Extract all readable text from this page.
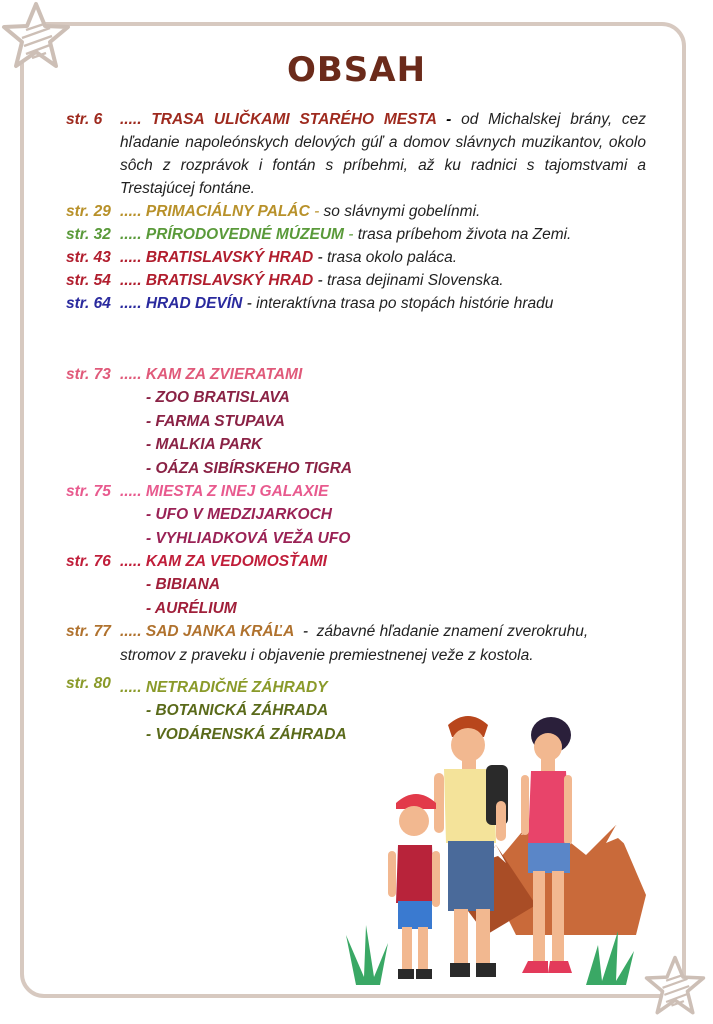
OBSAH
str. 6	..... TRASA ULIČKAMI STARÉHO MESTA - od Michalskej brány, cez hľadanie napoleónskych delových gúľ a domov slávnych muzikantov, okolo sôch z rozprávok i fontán s príbehmi, až ku radnici s tajomstvami a Trestajúcej fontáne.
str. 29 ..... PRIMACIÁLNY PALÁC - so slávnymi gobelínmi.
str. 32 ..... PRÍRODOVEDNÉ MÚZEUM - trasa príbehom života na Zemi.
str. 43 ..... BRATISLAVSKÝ HRAD - trasa okolo paláca.
str. 54 ..... BRATISLAVSKÝ HRAD - trasa dejinami Slovenska.
str. 64 ..... HRAD DEVÍN - interaktívna trasa po stopách histórie hradu
str. 73 ..... KAM ZA ZVIERATAMI
- ZOO BRATISLAVA
- FARMA STUPAVA
- MALKIA PARK
- OÁZA SIBÍRSKEHO TIGRA
str. 75 ..... MIESTA Z INEJ GALAXIE
- UFO V MEDZIJARKOCH
- VYHLIADKOVÁ VEŽA UFO
str. 76 ..... KAM ZA VEDOMOSŤAMI
- BIBIANA
- AURÉLIUM
str. 77 ..... SAD JANKA KRÁĽA  -  zábavné hľadanie znamení zverokruhu, stromov z praveku i objavenie premiestnenej veže z kostola.
str. 80 ..... NETRADIČNÉ ZÁHRADY
- BOTANICKÁ ZÁHRADA
- VODÁRENSKÁ ZÁHRADA
